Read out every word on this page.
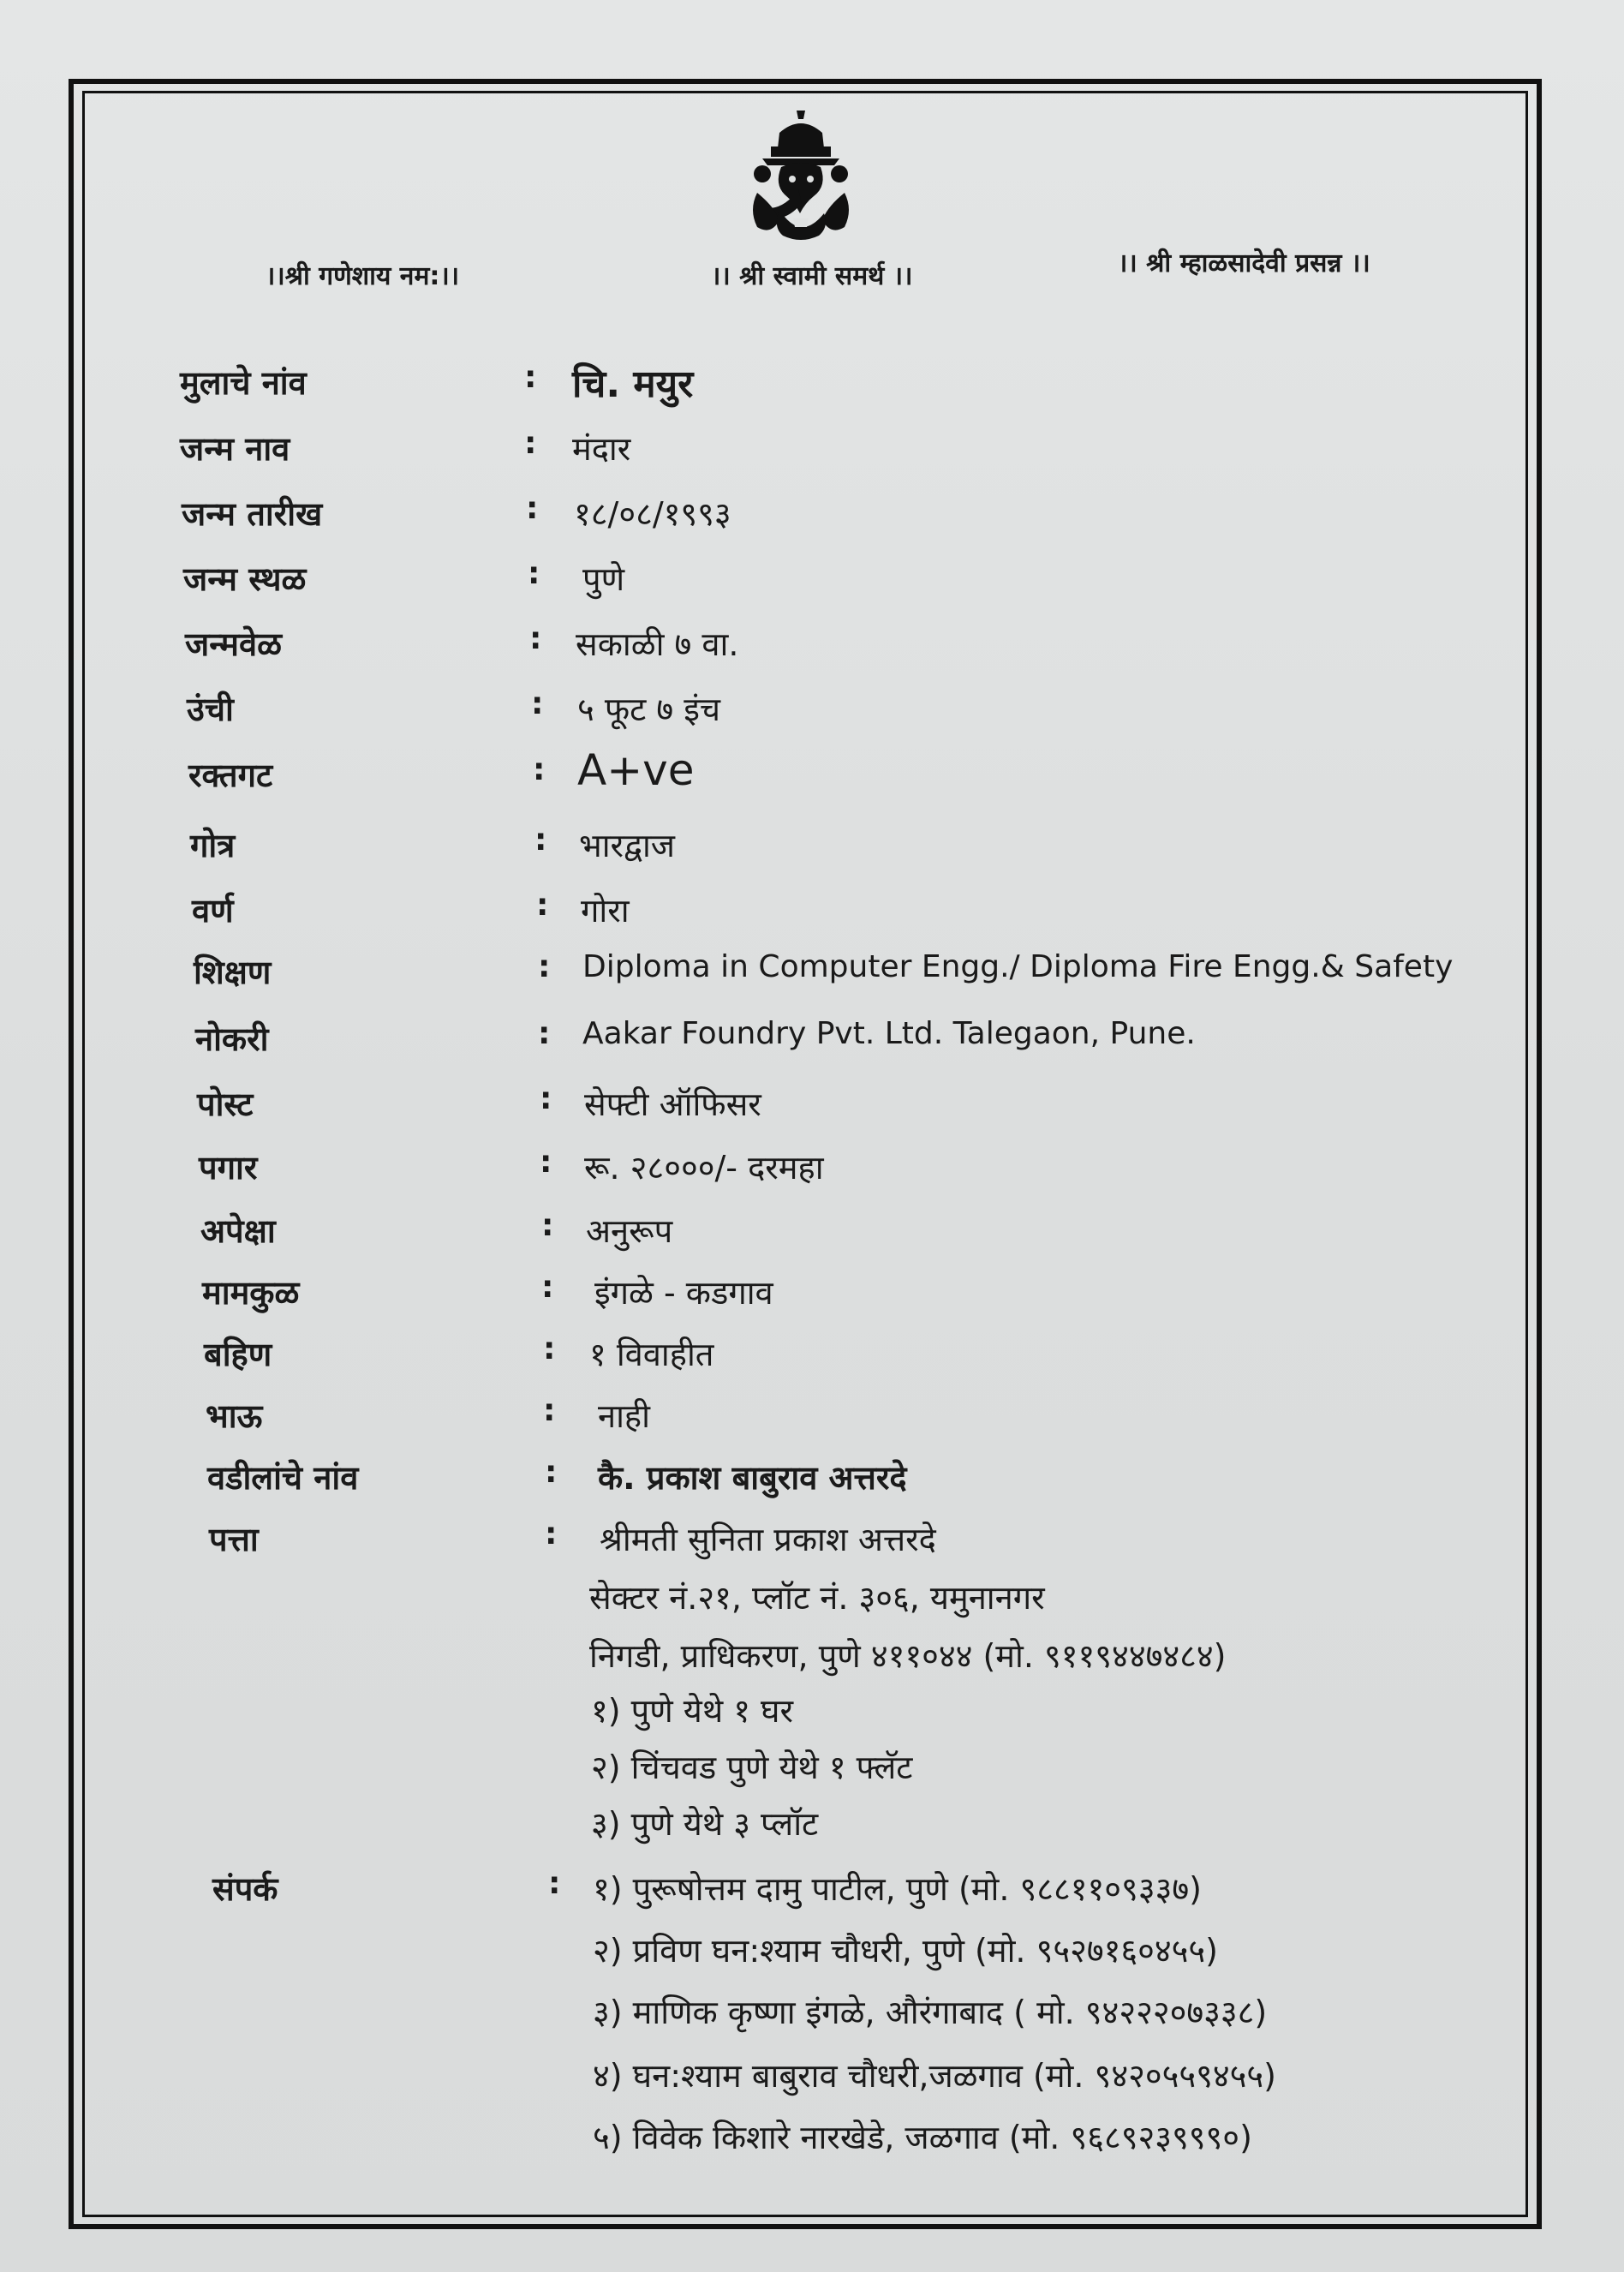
।।श्री गणेशाय नम:।।	।। श्री स्वामी समर्थ ।।	।। श्री म्हाळसादेवी प्रसन्न ।।
मुलाचे नांव	: चि. मयुर
जन्म नाव	: मंदार
जन्म तारीख	: १८/०८/१९९३
जन्म स्थळ	: पुणे
जन्मवेळ	: सकाळी ७ वा.
उंची	: ५ फूट ७ इंच
रक्तगट	: A+ve
गोत्र	: भारद्वाज
वर्ण	: गोरा
शिक्षण	: Diploma in Computer Engg./ Diploma Fire Engg.& Safety
नोकरी	: Aakar Foundry Pvt. Ltd. Talegaon, Pune.
पोस्ट	: सेफ्टी ऑफिसर
पगार	: रू. २८०००/- दरमहा
अपेक्षा	: अनुरूप
मामकुळ	: इंगळे - कडगाव
बहिण	: १ विवाहीत
भाऊ	: नाही
वडीलांचे नांव	: कै. प्रकाश बाबुराव अत्तरदे
पत्ता	: श्रीमती सुनिता प्रकाश अत्तरदे
सेक्टर नं.२१, प्लॉट नं. ३०६, यमुनानगर
निगडी, प्राधिकरण, पुणे ४११०४४ (मो. ९११९४४७४८४)
१) पुणे येथे १ घर
२) चिंचवड पुणे येथे १ फ्लॅट
३) पुणे येथे ३ प्लॉट
संपर्क	: १) पुरूषोत्तम दामु पाटील, पुणे (मो. ९८८११०९३३७)
२) प्रविण घन:श्याम चौधरी, पुणे (मो. ९५२७१६०४५५)
३) माणिक कृष्णा इंगळे, औरंगाबाद ( मो. ९४२२२०७३३८)
४) घन:श्याम बाबुराव चौधरी,जळगाव (मो. ९४२०५५९४५५)
५) विवेक किशारे नारखेडे, जळगाव (मो. ९६८९२३९९९०)
